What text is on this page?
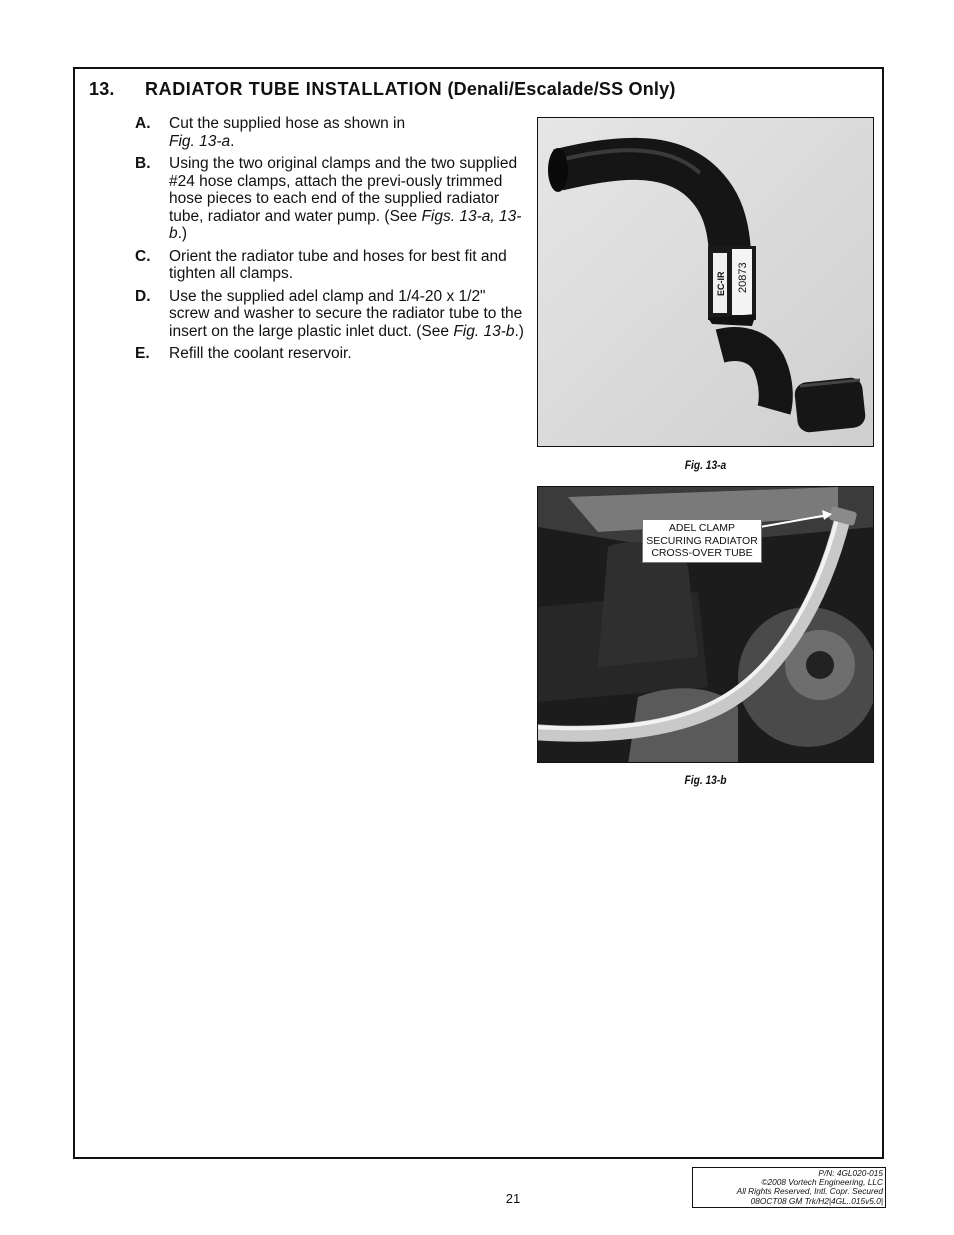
13. RADIATOR TUBE INSTALLATION (Denali/Escalade/SS Only)
A.	Cut the supplied hose as shown in
Fig. 13-a.
B.	Using the two original clamps and the two supplied #24 hose clamps, attach the previ-ously trimmed hose pieces to each end of the supplied radiator tube, radiator and water pump. (See Figs. 13-a, 13-b.)
C.	Orient the radiator tube and hoses for best fit and tighten all clamps.
D.	Use the supplied adel clamp and 1/4-20 x 1/2" screw and washer to secure the radiator tube to the insert on the large plastic inlet duct. (See Fig. 13-b.)
E.	Refill the coolant reservoir.
20873
EC-IR
Fig. 13-a
ADEL CLAMP
SECURING RADIATOR
CROSS-OVER TUBE
Fig. 13-b
21
P/N: 4GL020-015
©2008 Vortech Engineering, LLC
All Rights Reserved, Intl. Copr. Secured
08OCT08 GM Trk/H2|4GL..015v5.0|
